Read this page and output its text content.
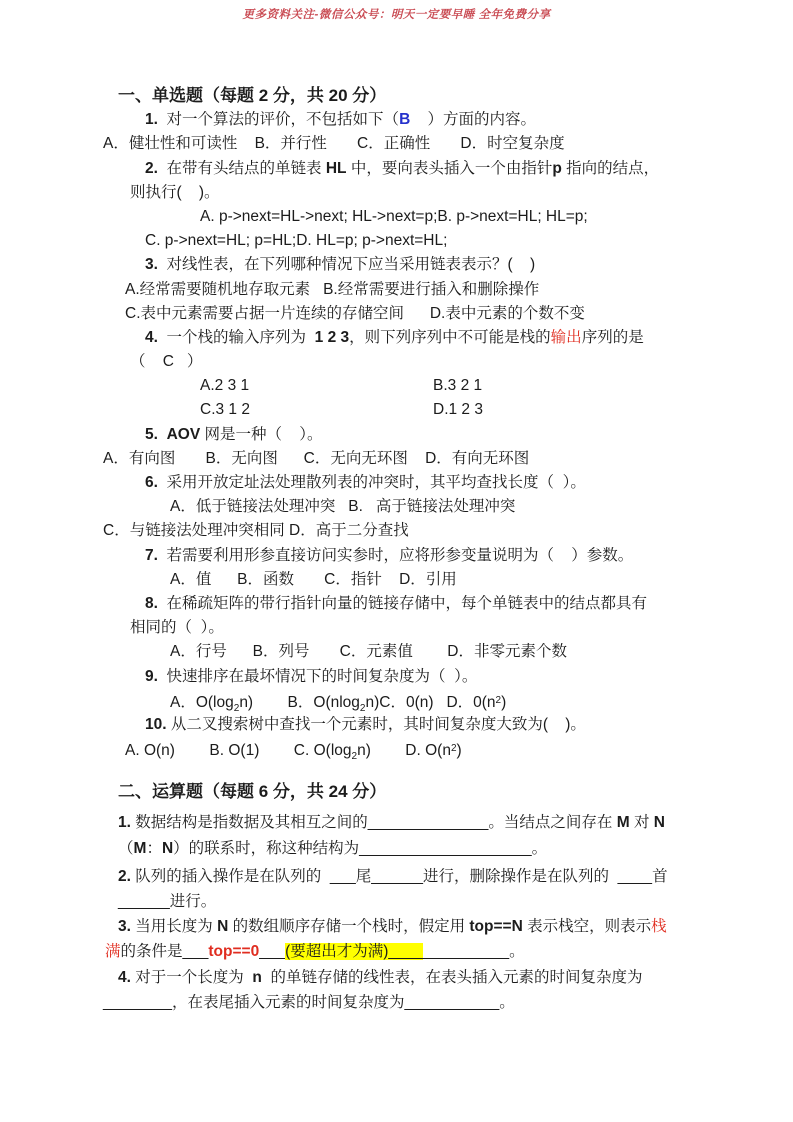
更多资料关注-微信公众号：明天一定要早睡 全年免费分享
一、单选题（每题 2 分，共 20 分）
1.  对一个算法的评价，不包括如下（B    ）方面的内容。
A．健壮性和可读性    B．并行性       C．正确性       D．时空复杂度
2.  在带有头结点的单链表 HL 中，要向表头插入一个由指针p 指向的结点，
则执行(    )。
A. p->next=HL->next; HL->next=p;B. p->next=HL; HL=p;
C. p->next=HL; p=HL;D. HL=p; p->next=HL;
3.  对线性表，在下列哪种情况下应当采用链表表示？(    )
A.经常需要随机地存取元素   B.经常需要进行插入和删除操作
C.表中元素需要占据一片连续的存储空间      D.表中元素的个数不变
4.  一个栈的输入序列为  1 2 3，则下列序列中不可能是栈的输出序列的是
（    C   ）
A.2 3 1	B.3 2 1
C.3 1 2	D.1 2 3
5. AOV 网是一种（    ）。
A．有向图       B．无向图      C．无向无环图    D．有向无环图
6.  采用开放定址法处理散列表的冲突时，其平均查找长度（  ）。
A．低于链接法处理冲突   B.   高于链接法处理冲突
C．与链接法处理冲突相同 D．高于二分查找
7.  若需要利用形参直接访问实参时，应将形参变量说明为（    ）参数。
A．值      B．函数       C．指针    D．引用
8.  在稀疏矩阵的带行指针向量的链接存储中，每个单链表中的结点都具有
相同的（  ）。
A．行号      B．列号       C．元素值        D．非零元素个数
9.  快速排序在最坏情况下的时间复杂度为（  ）。
A．$O(\log_2n)$        B．O(nlog$_2$n)C．0(n)   D．$0(n^2)$
10. 从二叉搜索树中查找一个元素时，其时间复杂度大致为(    )。
A. O(n)        B. O(1)        C. $O(\log_2n)$        D. $O(n^2)$
二、运算题（每题 6 分，共 24 分）
1. 数据结构是指数据及其相互之间的______________。当结点之间存在 M 对 N
（M：N）的联系时，称这种结构为____________________。
2. 队列的插入操作是在队列的  ___尾______进行，删除操作是在队列的  ____首
______进行。
3. 当用长度为 N 的数组顺序存储一个栈时，假定用 top==N 表示栈空，则表示栈
满的条件是___top==0___(要超出才为满)______________。
4. 对于一个长度为  n  的单链存储的线性表，在表头插入元素的时间复杂度为
________，在表尾插入元素的时间复杂度为___________。
